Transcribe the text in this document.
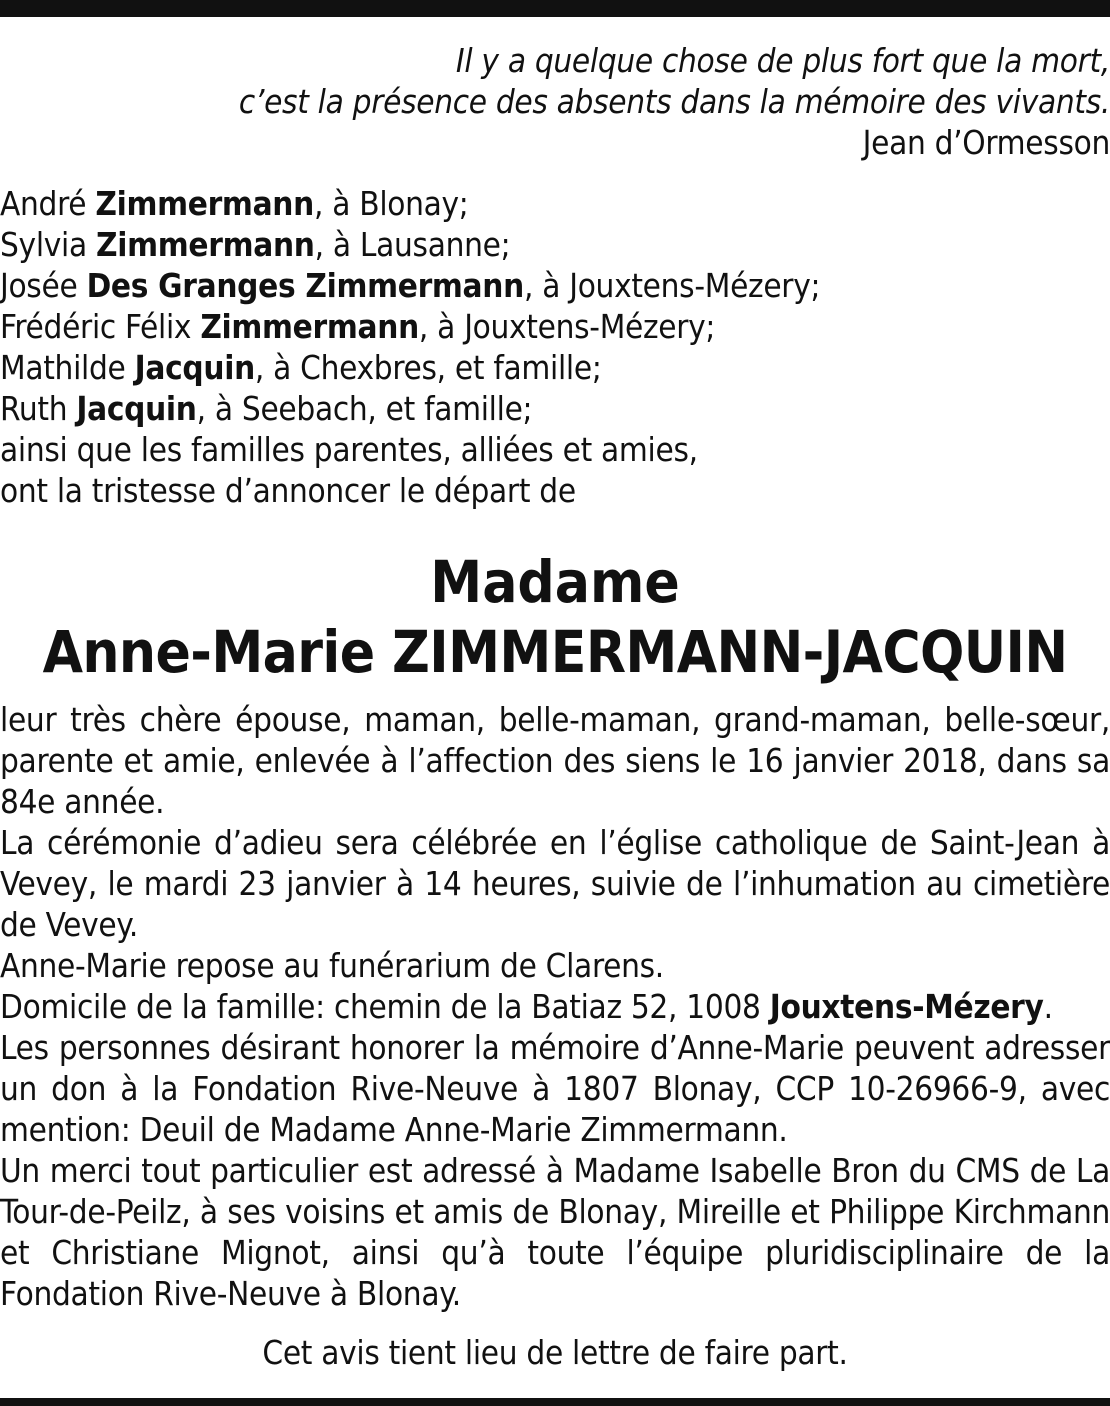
Il y a quelque chose de plus fort que la mort,
c’est la présence des absents dans la mémoire des vivants.
Jean d’Ormesson
André Zimmermann, à Blonay;
Sylvia Zimmermann, à Lausanne;
Josée Des Granges Zimmermann, à Jouxtens-Mézery;
Frédéric Félix Zimmermann, à Jouxtens-Mézery;
Mathilde Jacquin, à Chexbres, et famille;
Ruth Jacquin, à Seebach, et famille;
ainsi que les familles parentes, alliées et amies,
ont la tristesse d’annoncer le départ de
Madame
Anne-Marie ZIMMERMANN-JACQUIN
leur très chère épouse, maman, belle-maman, grand-maman, belle-sœur, parente et amie, enlevée à l’affection des siens le 16 janvier 2018, dans sa 84e année.
La cérémonie d’adieu sera célébrée en l’église catholique de Saint-Jean à Vevey, le mardi 23 janvier à 14 heures, suivie de l’inhumation au cimetière de Vevey.
Anne-Marie repose au funérarium de Clarens.
Domicile de la famille: chemin de la Batiaz 52, 1008 Jouxtens-Mézery.
Les personnes désirant honorer la mémoire d’Anne-Marie peuvent adresser un don à la Fondation Rive-Neuve à 1807 Blonay, CCP 10-26966-9, avec mention: Deuil de Madame Anne-Marie Zimmermann.
Un merci tout particulier est adressé à Madame Isabelle Bron du CMS de La Tour-de-Peilz, à ses voisins et amis de Blonay, Mireille et Philippe Kirchmann et Christiane Mignot, ainsi qu’à toute l’équipe pluridisciplinaire de la Fondation Rive-Neuve à Blonay.
Cet avis tient lieu de lettre de faire part.
